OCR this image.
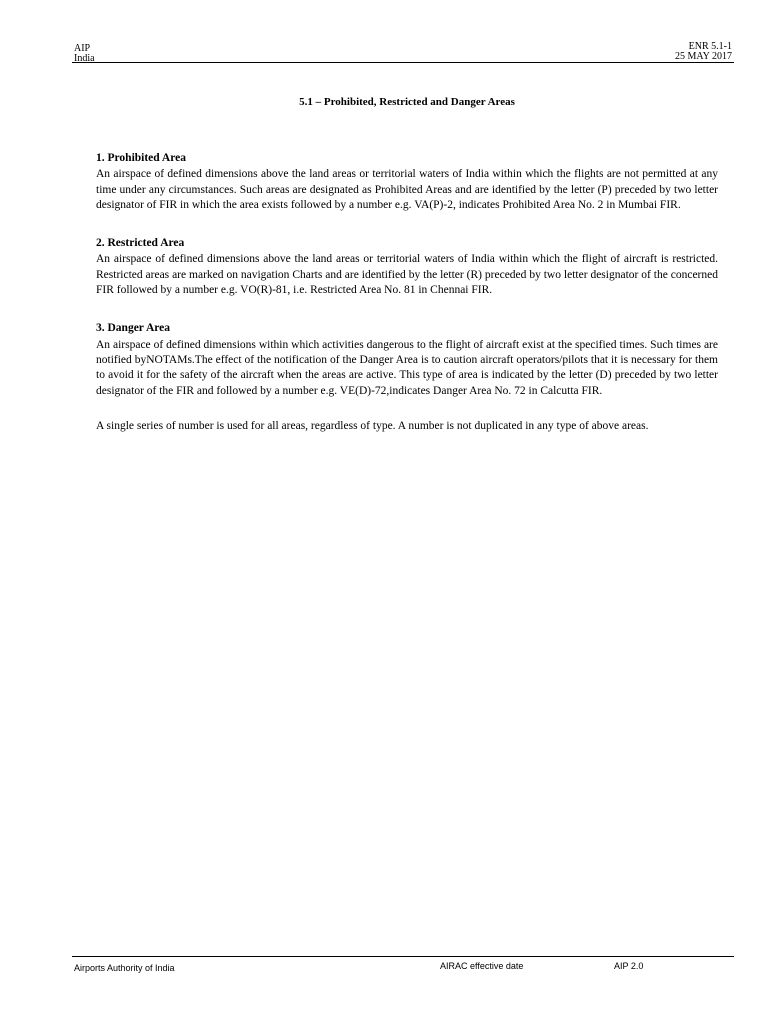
AIP
India
ENR 5.1-1
25 MAY 2017
5.1 – Prohibited, Restricted and Danger Areas

1. Prohibited Area

An airspace of defined dimensions above the land areas or territorial waters of India within which the flights are not permitted at any time under any circumstances. Such areas are designated as Prohibited Areas and are identified by the letter (P) preceded by two letter designator of FIR in which the area exists followed by a number e.g. VA(P)-2, indicates Prohibited Area No. 2 in Mumbai FIR.

2. Restricted Area

An airspace of defined dimensions above the land areas or territorial waters of India within which the flight of aircraft is restricted. Restricted areas are marked on navigation Charts and are identified by the letter (R) preceded by two letter designator of the concerned FIR followed by a number e.g. VO(R)-81, i.e. Restricted Area No. 81 in Chennai FIR.

3. Danger Area

An airspace of defined dimensions within which activities dangerous to the flight of aircraft exist at the specified times. Such times are notified byNOTAMs.The effect of the notification of the Danger Area is to caution aircraft operators/pilots that it is necessary for them to avoid it for the safety of the aircraft when the areas are active. This type of area is indicated by the letter (D) preceded by two letter designator of the FIR and followed by a number e.g. VE(D)-72,indicates Danger Area No. 72 in Calcutta FIR.

A single series of number is used for all areas, regardless of type. A number is not duplicated in any type of above areas.

Airports Authority of India	AIRAC effective date	AIP 2.0
